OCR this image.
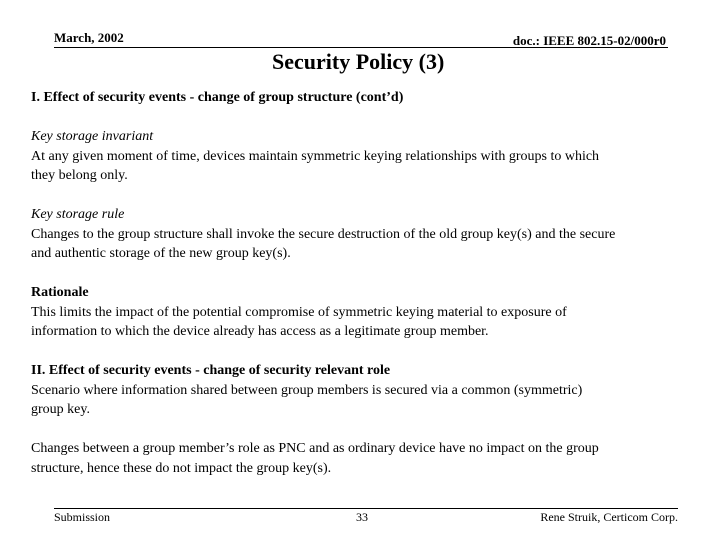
March, 2002	doc.: IEEE 802.15-02/000r0
Security Policy (3)

I. Effect of security events - change of group structure (cont’d)

Key storage invariant

At any given moment of time, devices maintain symmetric keying relationships with groups to which

they belong only.

Key storage rule

Changes to the group structure shall invoke the secure destruction of the old group key(s) and the secure

and authentic storage of the new group key(s).

Rationale

This limits the impact of the potential compromise of symmetric keying material to exposure of

information to which the device already has access as a legitimate group member.

II. Effect of security events - change of security relevant role

Scenario where information shared between group members is secured via a common (symmetric)

group key.

Changes between a group member’s role as PNC and as ordinary device have no impact on the group

structure, hence these do not impact the group key(s).

Submission	33	Rene Struik, Certicom Corp.
